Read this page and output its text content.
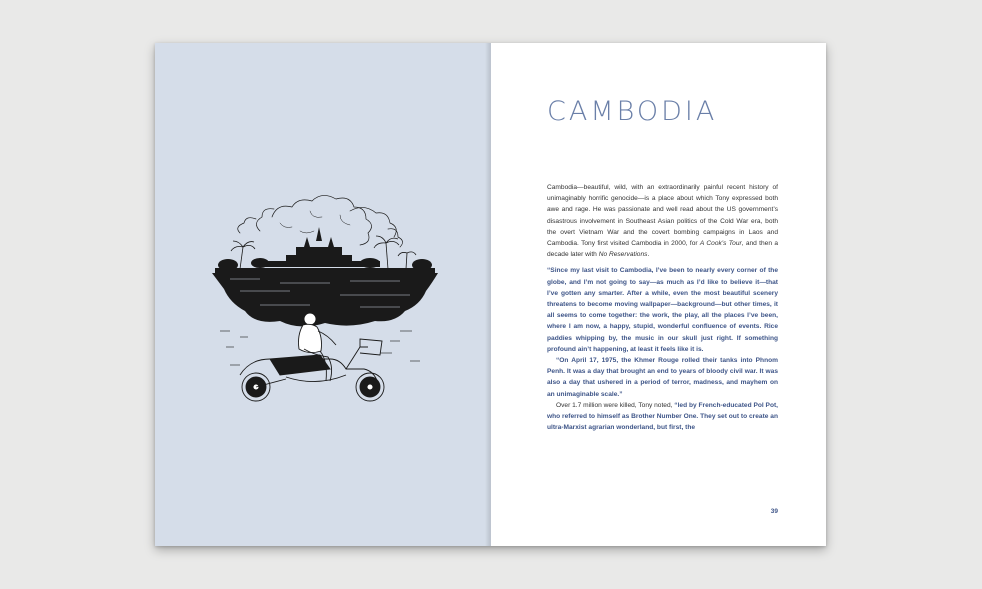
CAMBODIA

Cambodia—beautiful, wild, with an extraordinarily painful recent history of unimaginably horrific genocide—is a place about which Tony expressed both awe and rage. He was passionate and well read about the US government’s disastrous involvement in Southeast Asian politics of the Cold War era, both the overt Vietnam War and the covert bombing campaigns in Laos and Cambodia. Tony first visited Cambodia in 2000, for A Cook’s Tour, and then a decade later with No Reservations.

“Since my last visit to Cambodia, I’ve been to nearly every corner of the globe, and I’m not going to say—as much as I’d like to believe it—that I’ve gotten any smarter. After a while, even the most beautiful scenery threatens to become moving wallpaper—background—but other times, it all seems to come together: the work, the play, all the places I’ve been, where I am now, a happy, stupid, wonderful confluence of events. Rice paddies whipping by, the music in our skull just right. If something profound ain’t happening, at least it feels like it is.

“On April 17, 1975, the Khmer Rouge rolled their tanks into Phnom Penh. It was a day that brought an end to years of bloody civil war. It was also a day that ushered in a period of terror, madness, and mayhem on an unimaginable scale.”

Over 1.7 million were killed, Tony noted, “led by French-educated Pol Pot, who referred to himself as Brother Number One. They set out to create an ultra-Marxist agrarian wonderland, but first, the

39
